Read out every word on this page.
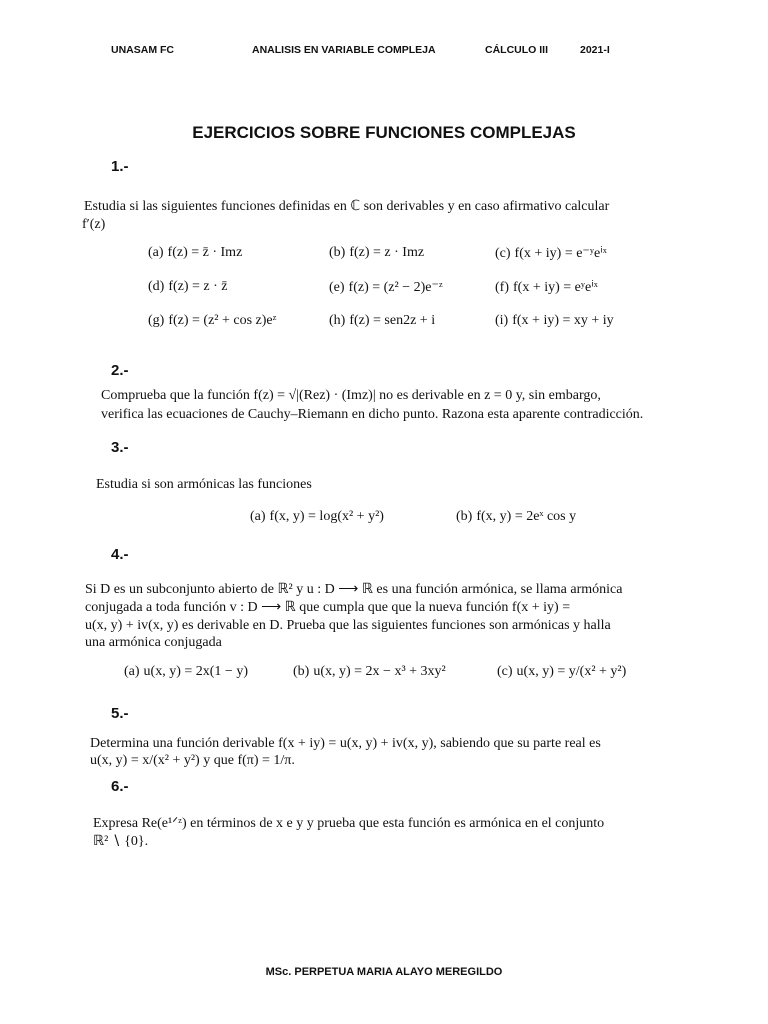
UNASAM FC	ANALISIS EN VARIABLE COMPLEJA	CÁLCULO III	2021-I
EJERCICIOS SOBRE FUNCIONES COMPLEJAS
1.-
Estudia si las siguientes funciones definidas en ℂ son derivables y en caso afirmativo calcular
f′(z)
(a) f(z) = z̄ · Imz	(b) f(z) = z · Imz	(c) f(x + iy) = e⁻ʸeⁱˣ
(d) f(z) = z · z̄	(e) f(z) = (z² − 2)e⁻ᶻ	(f) f(x + iy) = eʸeⁱˣ
(g) f(z) = (z² + cos z)eᶻ	(h) f(z) = sen2z + i	(i) f(x + iy) = xy + iy
2.-
Comprueba que la función f(z) = √|(Rez) · (Imz)| no es derivable en z = 0 y, sin embargo,
verifica las ecuaciones de Cauchy–Riemann en dicho punto. Razona esta aparente contradicción.
3.-
Estudia si son armónicas las funciones
(a) f(x, y) = log(x² + y²)	(b) f(x, y) = 2eˣ cos y
4.-
Si D es un subconjunto abierto de ℝ² y u : D ⟶ ℝ es una función armónica, se llama armónica
conjugada a toda función v : D ⟶ ℝ que cumpla que que la nueva función f(x + iy) =
u(x, y) + iv(x, y) es derivable en D. Prueba que las siguientes funciones son armónicas y halla
una armónica conjugada
(a) u(x, y) = 2x(1 − y)	(b) u(x, y) = 2x − x³ + 3xy²	(c) u(x, y) = y/(x² + y²)
5.-
Determina una función derivable f(x + iy) = u(x, y) + iv(x, y), sabiendo que su parte real es
u(x, y) = x/(x² + y²) y que f(π) = 1/π.
6.-
Expresa Re(e¹ᐟᶻ) en términos de x e y y prueba que esta función es armónica en el conjunto
ℝ² ∖ {0}.
MSc. PERPETUA MARIA ALAYO MEREGILDO
